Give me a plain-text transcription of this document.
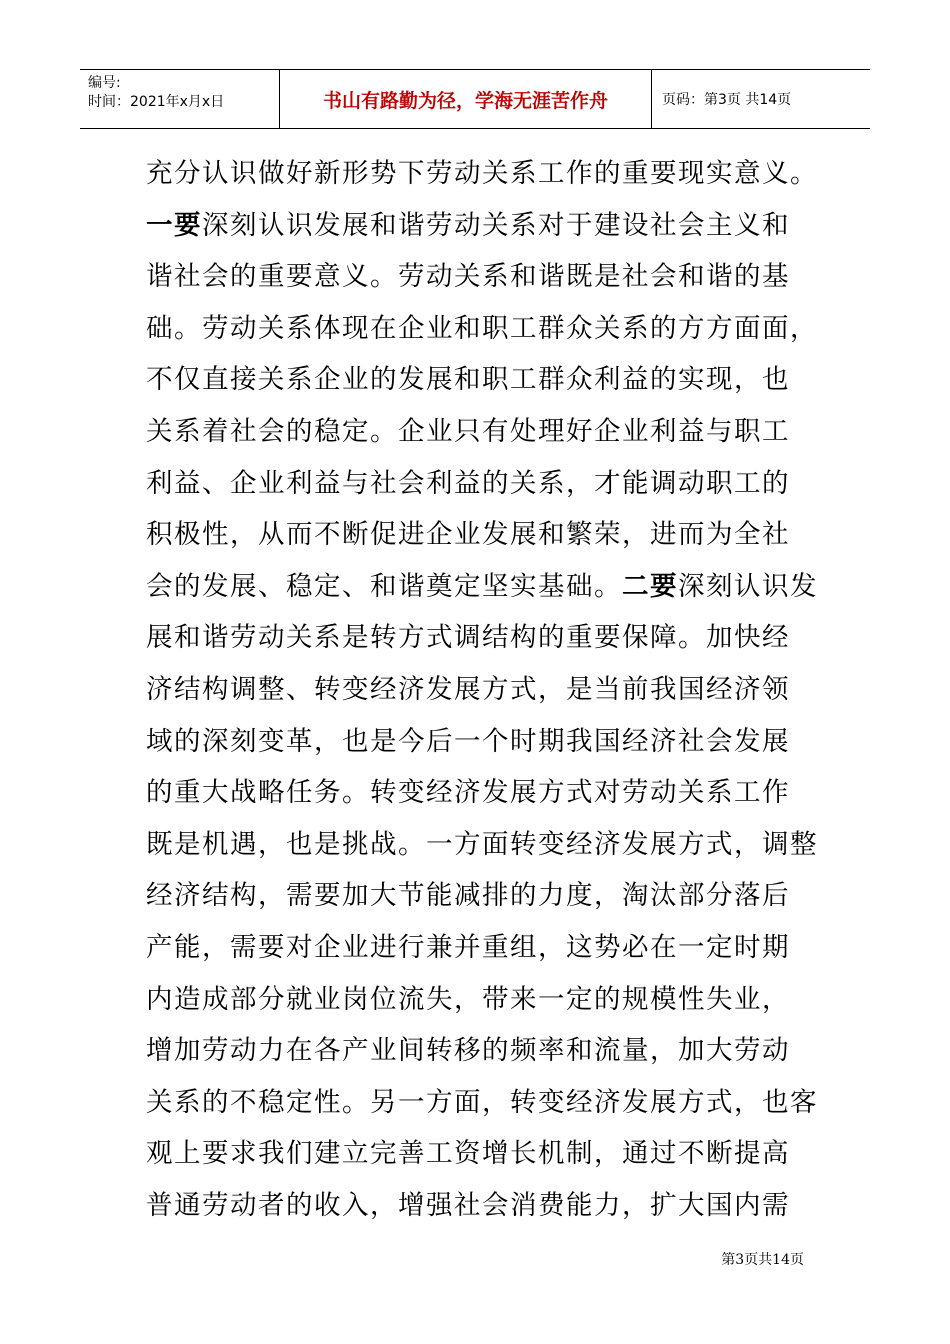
编号:
时间：2021年x月x日	书山有路勤为径，学海无涯苦作舟	页码：第3页 共14页
充分认识做好新形势下劳动关系工作的重要现实意义。
一要深刻认识发展和谐劳动关系对于建设社会主义和
谐社会的重要意义。劳动关系和谐既是社会和谐的基
础。劳动关系体现在企业和职工群众关系的方方面面，
不仅直接关系企业的发展和职工群众利益的实现，也
关系着社会的稳定。企业只有处理好企业利益与职工
利益、企业利益与社会利益的关系，才能调动职工的
积极性，从而不断促进企业发展和繁荣，进而为全社
会的发展、稳定、和谐奠定坚实基础。二要深刻认识发
展和谐劳动关系是转方式调结构的重要保障。加快经
济结构调整、转变经济发展方式，是当前我国经济领
域的深刻变革，也是今后一个时期我国经济社会发展
的重大战略任务。转变经济发展方式对劳动关系工作
既是机遇，也是挑战。一方面转变经济发展方式，调整
经济结构，需要加大节能减排的力度，淘汰部分落后
产能，需要对企业进行兼并重组，这势必在一定时期
内造成部分就业岗位流失，带来一定的规模性失业，
增加劳动力在各产业间转移的频率和流量，加大劳动
关系的不稳定性。另一方面，转变经济发展方式，也客
观上要求我们建立完善工资增长机制，通过不断提高
普通劳动者的收入，增强社会消费能力，扩大国内需
第3页共14页
